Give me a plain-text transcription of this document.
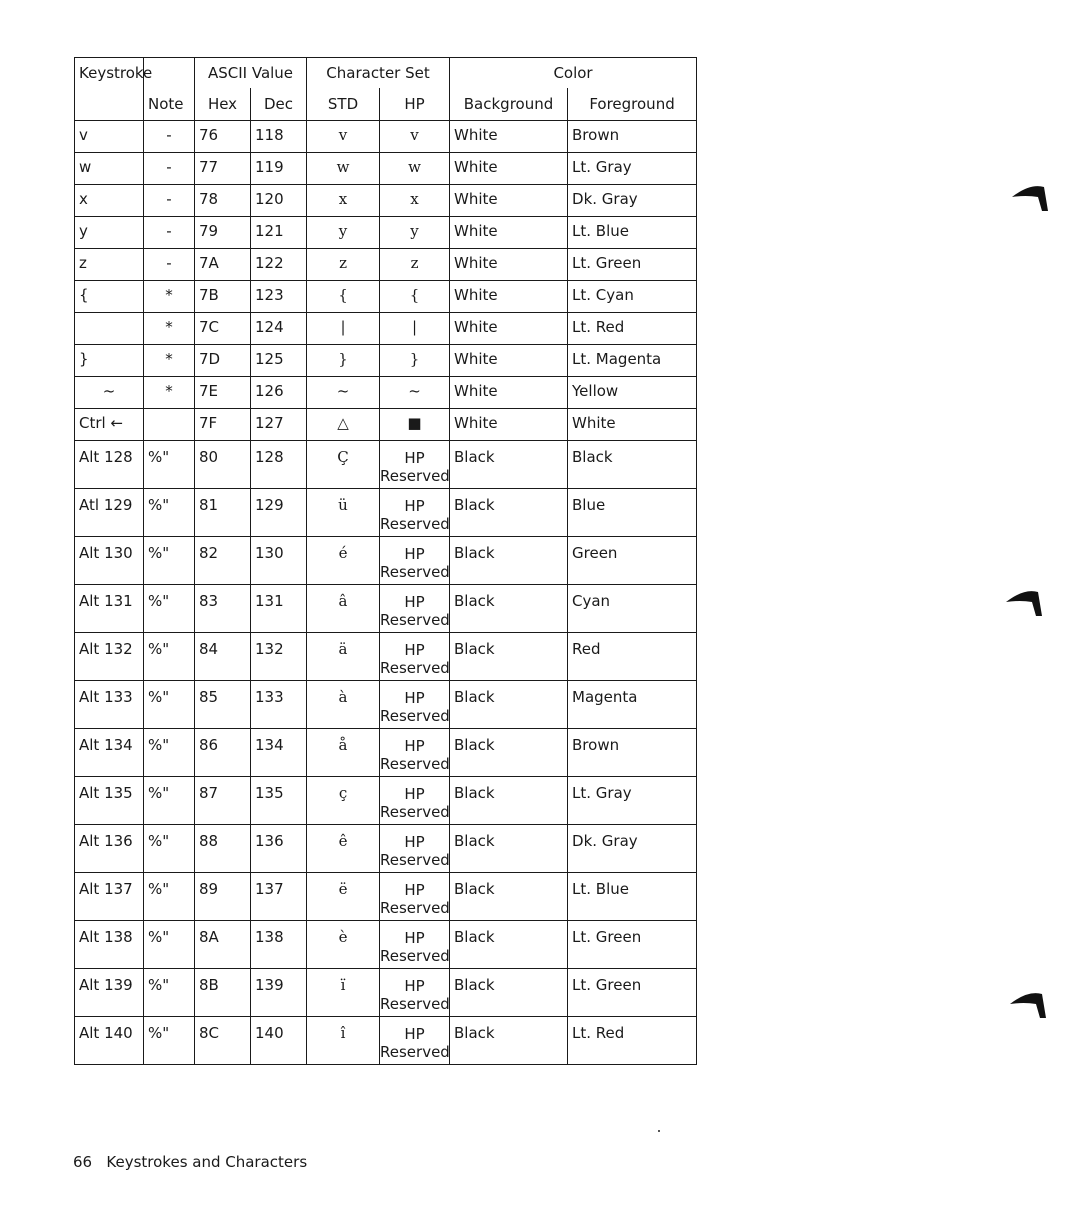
Keystroke		ASCII Value		Character Set		Color	
	Note	Hex	Dec	STD	HP	Background	Foreground
v	-	76	118	v	v	White	Brown
w	-	77	119	w	w	White	Lt. Gray
x	-	78	120	x	x	White	Dk. Gray
y	-	79	121	y	y	White	Lt. Blue
z	-	7A	122	z	z	White	Lt. Green
{	*	7B	123	{	{	White	Lt. Cyan
	*	7C	124	|	|	White	Lt. Red
}	*	7D	125	}	}	White	Lt. Magenta
~	*	7E	126	~	~	White	Yellow
Ctrl ←		7F	127	△	■	White	White
Alt 128	%"	80	128	Ç	HP Reserved	Black	Black
Atl 129	%"	81	129	ü	HP Reserved	Black	Blue
Alt 130	%"	82	130	é	HP Reserved	Black	Green
Alt 131	%"	83	131	â	HP Reserved	Black	Cyan
Alt 132	%"	84	132	ä	HP Reserved	Black	Red
Alt 133	%"	85	133	à	HP Reserved	Black	Magenta
Alt 134	%"	86	134	å	HP Reserved	Black	Brown
Alt 135	%"	87	135	ç	HP Reserved	Black	Lt. Gray
Alt 136	%"	88	136	ê	HP Reserved	Black	Dk. Gray
Alt 137	%"	89	137	ë	HP Reserved	Black	Lt. Blue
Alt 138	%"	8A	138	è	HP Reserved	Black	Lt. Green
Alt 139	%"	8B	139	ï	HP Reserved	Black	Lt. Green
Alt 140	%"	8C	140	î	HP Reserved	Black	Lt. Red
66 Keystrokes and Characters
